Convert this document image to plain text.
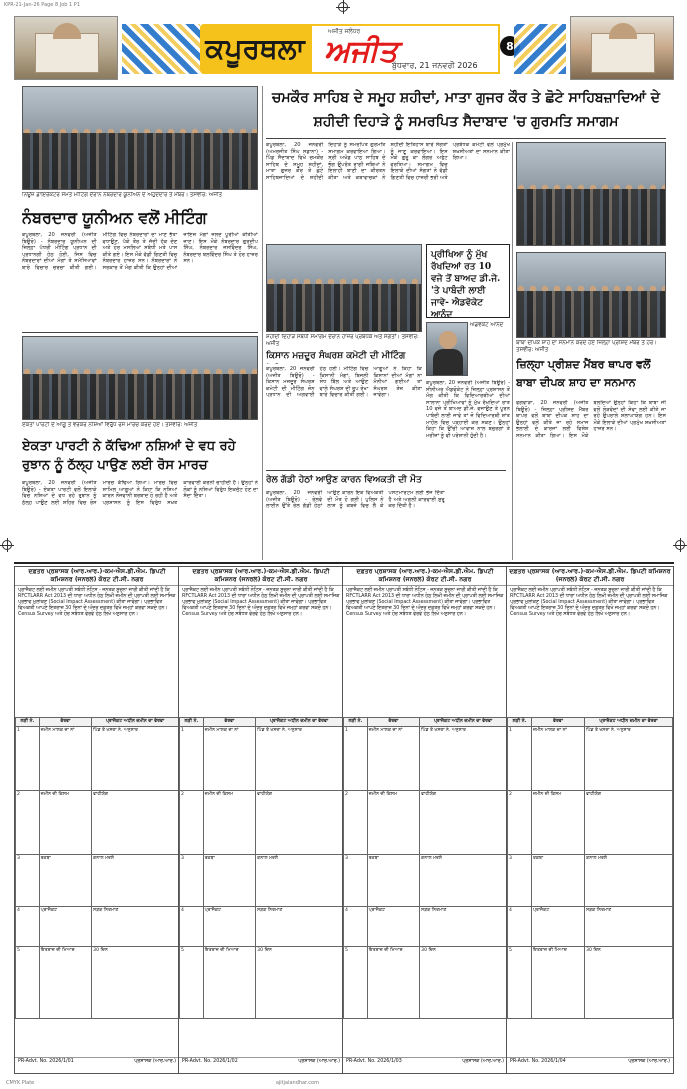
KPR-21-Jan-26 Page 8 Job 1 P1
ਕਪੂਰਥਲਾ
ਅਜੀਤ ਜਲੰਧਰ
ਅਜੀਤ
ਬੁੱਧਵਾਰ, 21 ਜਨਵਰੀ 2026
8
ਨਿਊਜ਼ ਡਾਇਰੈਕਟਰ ਸਮੇਤ ਮੀਟਿੰਗ ਦੌਰਾਨ ਨੰਬਰਦਾਰ ਯੂਨੀਅਨ ਦੇ ਅਹੁਦੇਦਾਰ ਤੇ ਮੈਂਬਰ। ਤਸਵੀਰ: ਅਜੀਤ
ਨੰਬਰਦਾਰ ਯੂਨੀਅਨ ਵਲੋਂ ਮੀਟਿੰਗ
ਕਪੂਰਥਲਾ, 20 ਜਨਵਰੀ (ਅਜੀਤ ਬਿਊਰੋ) - ਨੰਬਰਦਾਰ ਯੂਨੀਅਨ ਦੀ ਜ਼ਿਲ੍ਹਾ ਪੱਧਰੀ ਮੀਟਿੰਗ ਪ੍ਰਧਾਨ ਦੀ ਪ੍ਰਧਾਨਗੀ ਹੇਠ ਹੋਈ, ਜਿਸ ਵਿਚ ਨੰਬਰਦਾਰਾਂ ਦੀਆਂ ਮੰਗਾਂ ਤੇ ਸਮੱਸਿਆਵਾਂ ਬਾਰੇ ਵਿਚਾਰ ਚਰਚਾ ਕੀਤੀ ਗਈ। ਮੀਟਿੰਗ ਵਿਚ ਨੰਬਰਦਾਰਾਂ ਦਾ ਮਾਣ ਭੱਤਾ ਵਧਾਉਣ, ਪੱਕੇ ਤੌਰ ਤੇ ਜੱਦੀ ਹੱਕ ਦੇਣ ਅਤੇ ਹੋਰ ਮਸਲਿਆਂ ਸਬੰਧੀ ਮਤੇ ਪਾਸ ਕੀਤੇ ਗਏ। ਇਸ ਮੌਕੇ ਵੱਡੀ ਗਿਣਤੀ ਵਿਚ ਨੰਬਰਦਾਰ ਹਾਜ਼ਰ ਸਨ। ਨੰਬਰਦਾਰਾਂ ਨੇ ਸਰਕਾਰ ਤੋਂ ਮੰਗ ਕੀਤੀ ਕਿ ਉਨ੍ਹਾਂ ਦੀਆਂ ਜਾਇਜ਼ ਮੰਗਾਂ ਜਲਦ ਪੂਰੀਆਂ ਕੀਤੀਆਂ ਜਾਣ। ਇਸ ਮੌਕੇ ਨੰਬਰਦਾਰ ਗੁਰਦੀਪ ਸਿੰਘ, ਨੰਬਰਦਾਰ ਜਸਵਿੰਦਰ ਸਿੰਘ, ਨੰਬਰਦਾਰ ਬਲਵਿੰਦਰ ਸਿੰਘ ਤੇ ਹੋਰ ਹਾਜ਼ਰ ਸਨ।
ਏਕਤਾ ਪਾਰਟੀ ਦੇ ਆਗੂ ਤੇ ਵਰਕਰ ਨਸ਼ਿਆਂ ਵਿਰੁੱਧ ਰੋਸ ਮਾਰਚ ਕਰਦੇ ਹੋਏ। ਤਸਵੀਰ: ਅਜੀਤ
ਏਕਤਾ ਪਾਰਟੀ ਨੇ ਕੱਢਿਆ ਨਸ਼ਿਆਂ ਦੇ ਵਧ ਰਹੇ ਰੁਝਾਨ ਨੂੰ ਠੱਲ੍ਹ ਪਾਉਣ ਲਈ ਰੋਸ ਮਾਰਚ
ਕਪੂਰਥਲਾ, 20 ਜਨਵਰੀ (ਅਜੀਤ ਬਿਊਰੋ) - ਏਕਤਾ ਪਾਰਟੀ ਵਲੋਂ ਇਲਾਕੇ ਵਿਚ ਨਸ਼ਿਆਂ ਦੇ ਵਧ ਰਹੇ ਰੁਝਾਨ ਨੂੰ ਠੱਲ੍ਹ ਪਾਉਣ ਲਈ ਸ਼ਹਿਰ ਵਿਚ ਰੋਸ ਮਾਰਚ ਕੱਢਿਆ ਗਿਆ। ਮਾਰਚ ਵਿਚ ਸ਼ਾਮਿਲ ਆਗੂਆਂ ਨੇ ਕਿਹਾ ਕਿ ਨਸ਼ਿਆਂ ਕਾਰਨ ਨੌਜਵਾਨੀ ਬਰਬਾਦ ਹੋ ਰਹੀ ਹੈ ਅਤੇ ਪ੍ਰਸ਼ਾਸਨ ਨੂੰ ਇਸ ਵਿਰੁੱਧ ਸਖ਼ਤ ਕਾਰਵਾਈ ਕਰਨੀ ਚਾਹੀਦੀ ਹੈ। ਉਨ੍ਹਾਂ ਨੇ ਲੋਕਾਂ ਨੂੰ ਨਸ਼ਿਆਂ ਵਿਰੁੱਧ ਇਕਜੁੱਟ ਹੋਣ ਦਾ ਸੱਦਾ ਦਿੱਤਾ।
ਚਮਕੌਰ ਸਾਹਿਬ ਦੇ ਸਮੂਹ ਸ਼ਹੀਦਾਂ, ਮਾਤਾ ਗੁਜਰ ਕੌਰ ਤੇ ਛੋਟੇ ਸਾਹਿਬਜ਼ਾਦਿਆਂ ਦੇ ਸ਼ਹੀਦੀ ਦਿਹਾੜੇ ਨੂੰ ਸਮਰਪਿਤ ਸੈਦਾਬਾਦ 'ਚ ਗੁਰਮਤਿ ਸਮਾਗਮ
ਕਪੂਰਥਲਾ, 20 ਜਨਵਰੀ (ਅਮਰਜੀਤ ਸਿੰਘ ਸਡਾਨਾ) - ਪਿੰਡ ਸੈਦਾਬਾਦ ਵਿਖੇ ਚਮਕੌਰ ਸਾਹਿਬ ਦੇ ਸਮੂਹ ਸ਼ਹੀਦਾਂ, ਮਾਤਾ ਗੁਜਰ ਕੌਰ ਤੇ ਛੋਟੇ ਸਾਹਿਬਜ਼ਾਦਿਆਂ ਦੇ ਸ਼ਹੀਦੀ ਦਿਹਾੜੇ ਨੂੰ ਸਮਰਪਿਤ ਗੁਰਮਤਿ ਸਮਾਗਮ ਕਰਵਾਇਆ ਗਿਆ। ਸ੍ਰੀ ਅਖੰਡ ਪਾਠ ਸਾਹਿਬ ਦੇ ਭੋਗ ਉਪਰੰਤ ਰਾਗੀ ਜਥਿਆਂ ਨੇ ਇਲਾਹੀ ਬਾਣੀ ਦਾ ਕੀਰਤਨ ਕੀਤਾ ਅਤੇ ਕਥਾਵਾਚਕਾਂ ਨੇ ਸ਼ਹੀਦੀ ਇਤਿਹਾਸ ਬਾਰੇ ਸੰਗਤਾਂ ਨੂੰ ਜਾਣੂ ਕਰਵਾਇਆ। ਇਸ ਮੌਕੇ ਗੁਰੂ ਕਾ ਲੰਗਰ ਅਤੁੱਟ ਵਰਤਿਆ। ਸਮਾਗਮ ਵਿਚ ਇਲਾਕੇ ਦੀਆਂ ਸੰਗਤਾਂ ਨੇ ਵੱਡੀ ਗਿਣਤੀ ਵਿਚ ਹਾਜ਼ਰੀ ਭਰੀ ਅਤੇ ਪ੍ਰਬੰਧਕ ਕਮੇਟੀ ਵਲੋਂ ਪ੍ਰਮੁੱਖ ਸ਼ਖ਼ਸੀਅਤਾਂ ਦਾ ਸਨਮਾਨ ਕੀਤਾ ਗਿਆ।
ਪ੍ਰੀਖਿਆ ਨੂੰ ਮੁੱਖ ਰੱਖਦਿਆਂ ਰਤ 10 ਵਜੇ ਤੋਂ ਬਾਅਦ ਡੀ.ਜੇ. 'ਤੇ ਪਾਬੰਦੀ ਲਾਈ ਜਾਵੇ- ਐਡਵੋਕੇਟ ਆਨੰਦ
ਸ਼ਹੀਦੀ ਦਿਹਾੜੇ ਸਬੰਧੀ ਸਮਾਗਮ ਦੌਰਾਨ ਹਾਜ਼ਰ ਪ੍ਰਬੰਧਕ ਅਤੇ ਸੰਗਤਾਂ। ਤਸਵੀਰ: ਅਜੀਤ
ਕਿਸਾਨ ਮਜ਼ਦੂਰ ਸੰਘਰਸ਼ ਕਮੇਟੀ ਦੀ ਮੀਟਿੰਗ
ਕਪੂਰਥਲਾ, 20 ਜਨਵਰੀ (ਅਜੀਤ ਬਿਊਰੋ) - ਕਿਸਾਨ ਮਜ਼ਦੂਰ ਸੰਘਰਸ਼ ਕਮੇਟੀ ਦੀ ਮੀਟਿੰਗ ਜ਼ੋਨ ਪ੍ਰਧਾਨ ਦੀ ਅਗਵਾਈ ਹੇਠ ਹੋਈ। ਮੀਟਿੰਗ ਵਿਚ ਕਿਸਾਨੀ ਮੰਗਾਂ, ਬਿਜਲੀ ਸੋਧ ਬਿੱਲ ਅਤੇ ਆਉਣ ਵਾਲੇ ਸੰਘਰਸ਼ ਦੀ ਰੂਪ ਰੇਖਾ ਬਾਰੇ ਵਿਚਾਰ ਕੀਤੀ ਗਈ। ਆਗੂਆਂ ਨੇ ਕਿਹਾ ਕਿ ਕਿਸਾਨਾਂ ਦੀਆਂ ਮੰਗਾਂ ਨਾ ਮੰਨੀਆਂ ਗਈਆਂ ਤਾਂ ਸੰਘਰਸ਼ ਤੇਜ਼ ਕੀਤਾ ਜਾਵੇਗਾ।
ਰੇਲ ਗੱਡੀ ਹੇਠਾਂ ਆਉਣ ਕਾਰਨ ਵਿਅਕਤੀ ਦੀ ਮੌਤ
ਕਪੂਰਥਲਾ, 20 ਜਨਵਰੀ (ਅਜੀਤ ਬਿਊਰੋ) - ਰੇਲਵੇ ਲਾਈਨ ਉੱਤੇ ਰੇਲ ਗੱਡੀ ਹੇਠਾਂ ਆਉਣ ਕਾਰਨ ਇਕ ਵਿਅਕਤੀ ਦੀ ਮੌਤ ਹੋ ਗਈ। ਪੁਲਿਸ ਨੇ ਲਾਸ਼ ਨੂੰ ਕਬਜ਼ੇ ਵਿਚ ਲੈ ਕੇ ਪੋਸਟਮਾਰਟਮ ਲਈ ਭੇਜ ਦਿੱਤਾ ਹੈ ਅਤੇ ਅਗਲੀ ਕਾਰਵਾਈ ਸ਼ੁਰੂ ਕਰ ਦਿੱਤੀ ਹੈ।
ਐਡਵੋਕੇਟ ਆਨੰਦ
ਕਪੂਰਥਲਾ, 20 ਜਨਵਰੀ (ਅਜੀਤ ਬਿਊਰੋ) - ਸੀਨੀਅਰ ਐਡਵੋਕੇਟ ਨੇ ਜ਼ਿਲ੍ਹਾ ਪ੍ਰਸ਼ਾਸਨ ਤੋਂ ਮੰਗ ਕੀਤੀ ਕਿ ਵਿਦਿਆਰਥੀਆਂ ਦੀਆਂ ਸਾਲਾਨਾ ਪ੍ਰੀਖਿਆਵਾਂ ਨੂੰ ਮੁੱਖ ਰੱਖਦਿਆਂ ਰਾਤ 10 ਵਜੇ ਤੋਂ ਬਾਅਦ ਡੀ.ਜੇ. ਵਜਾਉਣ ਤੇ ਪੂਰਨ ਪਾਬੰਦੀ ਲਾਈ ਜਾਵੇ ਤਾਂ ਜੋ ਵਿਦਿਆਰਥੀ ਸ਼ਾਂਤ ਮਾਹੌਲ ਵਿਚ ਪੜ੍ਹਾਈ ਕਰ ਸਕਣ। ਉਨ੍ਹਾਂ ਕਿਹਾ ਕਿ ਉੱਚੀ ਆਵਾਜ਼ ਨਾਲ ਬਜ਼ੁਰਗਾਂ ਤੇ ਮਰੀਜ਼ਾਂ ਨੂੰ ਵੀ ਪਰੇਸ਼ਾਨੀ ਹੁੰਦੀ ਹੈ।
ਬਾਬਾ ਦੀਪਕ ਸ਼ਾਹ ਦਾ ਸਨਮਾਨ ਕਰਦੇ ਹੋਏ ਜ਼ਿਲ੍ਹਾ ਪ੍ਰੀਸ਼ਦ ਮੈਂਬਰ ਤੇ ਹੋਰ। ਤਸਵੀਰ: ਅਜੀਤ
ਜ਼ਿਲ੍ਹਾ ਪ੍ਰੀਸ਼ਦ ਮੈਂਬਰ ਥਾਪਰ ਵਲੋਂ ਬਾਬਾ ਦੀਪਕ ਸ਼ਾਹ ਦਾ ਸਨਮਾਨ
ਫਗਵਾੜਾ, 20 ਜਨਵਰੀ (ਅਜੀਤ ਬਿਊਰੋ) - ਜ਼ਿਲ੍ਹਾ ਪ੍ਰੀਸ਼ਦ ਮੈਂਬਰ ਥਾਪਰ ਵਲੋਂ ਬਾਬਾ ਦੀਪਕ ਸ਼ਾਹ ਦਾ ਉਨ੍ਹਾਂ ਵਲੋਂ ਕੀਤੇ ਜਾ ਰਹੇ ਸਮਾਜ ਭਲਾਈ ਦੇ ਕਾਰਜਾਂ ਲਈ ਵਿਸ਼ੇਸ਼ ਸਨਮਾਨ ਕੀਤਾ ਗਿਆ। ਇਸ ਮੌਕੇ ਬੋਲਦਿਆਂ ਉਨ੍ਹਾਂ ਕਿਹਾ ਕਿ ਬਾਬਾ ਜੀ ਵਲੋਂ ਲੋੜਵੰਦਾਂ ਦੀ ਸੇਵਾ ਲਈ ਕੀਤੇ ਜਾ ਰਹੇ ਉਪਰਾਲੇ ਸ਼ਲਾਘਾਯੋਗ ਹਨ। ਇਸ ਮੌਕੇ ਇਲਾਕੇ ਦੀਆਂ ਪ੍ਰਮੁੱਖ ਸ਼ਖ਼ਸੀਅਤਾਂ ਹਾਜ਼ਰ ਸਨ।
ਦਫ਼ਤਰ ਪ੍ਰਸ਼ਾਸਕ (ਆਰ.ਆਰ.)-ਕਮ-ਐਸ.ਡੀ.ਐਮ. ਡਿਪਟੀ ਕਮਿਸ਼ਨਰ (ਜਨਰਲ) ਕੋਰਟ ਟੀ.ਸੀ. ਨਗਰ
ਪ੍ਰਾਜੈਕਟ ਲਈ ਜ਼ਮੀਨ ਪ੍ਰਾਪਤੀ ਸਬੰਧੀ ਨੋਟਿਸ - ਜਨਤਕ ਸੂਚਨਾ ਜਾਰੀ ਕੀਤੀ ਜਾਂਦੀ ਹੈ ਕਿ RFCTLARR Act 2013 ਦੀ ਧਾਰਾ ਅਧੀਨ ਹੇਠ ਲਿਖੀ ਜ਼ਮੀਨ ਦੀ ਪ੍ਰਾਪਤੀ ਲਈ ਸਮਾਜਿਕ ਪ੍ਰਭਾਵ ਮੁਲਾਂਕਣ (Social Impact Assessment) ਕੀਤਾ ਜਾਵੇਗਾ। ਪ੍ਰਭਾਵਿਤ ਵਿਅਕਤੀ ਆਪਣੇ ਇਤਰਾਜ਼ 30 ਦਿਨਾਂ ਦੇ ਅੰਦਰ ਦਫ਼ਤਰ ਵਿਖੇ ਜਮ੍ਹਾਂ ਕਰਵਾ ਸਕਦੇ ਹਨ। Census Survey ਅਤੇ ਹੋਰ ਸਬੰਧਤ ਵੇਰਵੇ ਹੇਠ ਲਿਖੇ ਅਨੁਸਾਰ ਹਨ।
ਲੜੀ ਨੰ.	ਵੇਰਵਾ	ਪ੍ਰਾਜੈਕਟ ਅਧੀਨ ਜ਼ਮੀਨ ਦਾ ਵੇਰਵਾ
1	ਜ਼ਮੀਨ ਮਾਲਕ ਦਾ ਨਾਂ	ਪਿੰਡ ਤੇ ਖਸਰਾ ਨੰ. ਅਨੁਸਾਰ
2	ਜ਼ਮੀਨ ਦੀ ਕਿਸਮ	ਵਾਹੀਯੋਗ
3	ਰਕਬਾ	ਕਨਾਲ ਮਰਲੇ
4	ਪ੍ਰਾਜੈਕਟ	ਸੜਕ ਨਿਰਮਾਣ
5	ਇਤਰਾਜ਼ ਦੀ ਮਿਆਦ	30 ਦਿਨ
PR-Advt. No. 2026/1/01	ਪ੍ਰਸ਼ਾਸਕ (ਆਰ.ਆਰ.)
ਦਫ਼ਤਰ ਪ੍ਰਸ਼ਾਸਕ (ਆਰ.ਆਰ.)-ਕਮ-ਐਸ.ਡੀ.ਐਮ. ਡਿਪਟੀ ਕਮਿਸ਼ਨਰ (ਜਨਰਲ) ਕੋਰਟ ਟੀ.ਸੀ. ਨਗਰ
ਪ੍ਰਾਜੈਕਟ ਲਈ ਜ਼ਮੀਨ ਪ੍ਰਾਪਤੀ ਸਬੰਧੀ ਨੋਟਿਸ - ਜਨਤਕ ਸੂਚਨਾ ਜਾਰੀ ਕੀਤੀ ਜਾਂਦੀ ਹੈ ਕਿ RFCTLARR Act 2013 ਦੀ ਧਾਰਾ ਅਧੀਨ ਹੇਠ ਲਿਖੀ ਜ਼ਮੀਨ ਦੀ ਪ੍ਰਾਪਤੀ ਲਈ ਸਮਾਜਿਕ ਪ੍ਰਭਾਵ ਮੁਲਾਂਕਣ (Social Impact Assessment) ਕੀਤਾ ਜਾਵੇਗਾ। ਪ੍ਰਭਾਵਿਤ ਵਿਅਕਤੀ ਆਪਣੇ ਇਤਰਾਜ਼ 30 ਦਿਨਾਂ ਦੇ ਅੰਦਰ ਦਫ਼ਤਰ ਵਿਖੇ ਜਮ੍ਹਾਂ ਕਰਵਾ ਸਕਦੇ ਹਨ। Census Survey ਅਤੇ ਹੋਰ ਸਬੰਧਤ ਵੇਰਵੇ ਹੇਠ ਲਿਖੇ ਅਨੁਸਾਰ ਹਨ।
ਲੜੀ ਨੰ.	ਵੇਰਵਾ	ਪ੍ਰਾਜੈਕਟ ਅਧੀਨ ਜ਼ਮੀਨ ਦਾ ਵੇਰਵਾ
1	ਜ਼ਮੀਨ ਮਾਲਕ ਦਾ ਨਾਂ	ਪਿੰਡ ਤੇ ਖਸਰਾ ਨੰ. ਅਨੁਸਾਰ
2	ਜ਼ਮੀਨ ਦੀ ਕਿਸਮ	ਵਾਹੀਯੋਗ
3	ਰਕਬਾ	ਕਨਾਲ ਮਰਲੇ
4	ਪ੍ਰਾਜੈਕਟ	ਸੜਕ ਨਿਰਮਾਣ
5	ਇਤਰਾਜ਼ ਦੀ ਮਿਆਦ	30 ਦਿਨ
PR-Advt. No. 2026/1/02	ਪ੍ਰਸ਼ਾਸਕ (ਆਰ.ਆਰ.)
ਦਫ਼ਤਰ ਪ੍ਰਸ਼ਾਸਕ (ਆਰ.ਆਰ.)-ਕਮ-ਐਸ.ਡੀ.ਐਮ. ਡਿਪਟੀ ਕਮਿਸ਼ਨਰ (ਜਨਰਲ) ਕੋਰਟ ਟੀ.ਸੀ. ਨਗਰ
ਪ੍ਰਾਜੈਕਟ ਲਈ ਜ਼ਮੀਨ ਪ੍ਰਾਪਤੀ ਸਬੰਧੀ ਨੋਟਿਸ - ਜਨਤਕ ਸੂਚਨਾ ਜਾਰੀ ਕੀਤੀ ਜਾਂਦੀ ਹੈ ਕਿ RFCTLARR Act 2013 ਦੀ ਧਾਰਾ ਅਧੀਨ ਹੇਠ ਲਿਖੀ ਜ਼ਮੀਨ ਦੀ ਪ੍ਰਾਪਤੀ ਲਈ ਸਮਾਜਿਕ ਪ੍ਰਭਾਵ ਮੁਲਾਂਕਣ (Social Impact Assessment) ਕੀਤਾ ਜਾਵੇਗਾ। ਪ੍ਰਭਾਵਿਤ ਵਿਅਕਤੀ ਆਪਣੇ ਇਤਰਾਜ਼ 30 ਦਿਨਾਂ ਦੇ ਅੰਦਰ ਦਫ਼ਤਰ ਵਿਖੇ ਜਮ੍ਹਾਂ ਕਰਵਾ ਸਕਦੇ ਹਨ। Census Survey ਅਤੇ ਹੋਰ ਸਬੰਧਤ ਵੇਰਵੇ ਹੇਠ ਲਿਖੇ ਅਨੁਸਾਰ ਹਨ।
ਲੜੀ ਨੰ.	ਵੇਰਵਾ	ਪ੍ਰਾਜੈਕਟ ਅਧੀਨ ਜ਼ਮੀਨ ਦਾ ਵੇਰਵਾ
1	ਜ਼ਮੀਨ ਮਾਲਕ ਦਾ ਨਾਂ	ਪਿੰਡ ਤੇ ਖਸਰਾ ਨੰ. ਅਨੁਸਾਰ
2	ਜ਼ਮੀਨ ਦੀ ਕਿਸਮ	ਵਾਹੀਯੋਗ
3	ਰਕਬਾ	ਕਨਾਲ ਮਰਲੇ
4	ਪ੍ਰਾਜੈਕਟ	ਸੜਕ ਨਿਰਮਾਣ
5	ਇਤਰਾਜ਼ ਦੀ ਮਿਆਦ	30 ਦਿਨ
PR-Advt. No. 2026/1/03	ਪ੍ਰਸ਼ਾਸਕ (ਆਰ.ਆਰ.)
ਦਫ਼ਤਰ ਪ੍ਰਸ਼ਾਸਕ (ਆਰ.ਆਰ.)-ਕਮ-ਐਸ.ਡੀ.ਐਮ. ਡਿਪਟੀ ਕਮਿਸ਼ਨਰ (ਜਨਰਲ) ਕੋਰਟ ਟੀ.ਸੀ. ਨਗਰ
ਪ੍ਰਾਜੈਕਟ ਲਈ ਜ਼ਮੀਨ ਪ੍ਰਾਪਤੀ ਸਬੰਧੀ ਨੋਟਿਸ - ਜਨਤਕ ਸੂਚਨਾ ਜਾਰੀ ਕੀਤੀ ਜਾਂਦੀ ਹੈ ਕਿ RFCTLARR Act 2013 ਦੀ ਧਾਰਾ ਅਧੀਨ ਹੇਠ ਲਿਖੀ ਜ਼ਮੀਨ ਦੀ ਪ੍ਰਾਪਤੀ ਲਈ ਸਮਾਜਿਕ ਪ੍ਰਭਾਵ ਮੁਲਾਂਕਣ (Social Impact Assessment) ਕੀਤਾ ਜਾਵੇਗਾ। ਪ੍ਰਭਾਵਿਤ ਵਿਅਕਤੀ ਆਪਣੇ ਇਤਰਾਜ਼ 30 ਦਿਨਾਂ ਦੇ ਅੰਦਰ ਦਫ਼ਤਰ ਵਿਖੇ ਜਮ੍ਹਾਂ ਕਰਵਾ ਸਕਦੇ ਹਨ। Census Survey ਅਤੇ ਹੋਰ ਸਬੰਧਤ ਵੇਰਵੇ ਹੇਠ ਲਿਖੇ ਅਨੁਸਾਰ ਹਨ।
ਲੜੀ ਨੰ.	ਵੇਰਵਾ	ਪ੍ਰਾਜੈਕਟ ਅਧੀਨ ਜ਼ਮੀਨ ਦਾ ਵੇਰਵਾ
1	ਜ਼ਮੀਨ ਮਾਲਕ ਦਾ ਨਾਂ	ਪਿੰਡ ਤੇ ਖਸਰਾ ਨੰ. ਅਨੁਸਾਰ
2	ਜ਼ਮੀਨ ਦੀ ਕਿਸਮ	ਵਾਹੀਯੋਗ
3	ਰਕਬਾ	ਕਨਾਲ ਮਰਲੇ
4	ਪ੍ਰਾਜੈਕਟ	ਸੜਕ ਨਿਰਮਾਣ
5	ਇਤਰਾਜ਼ ਦੀ ਮਿਆਦ	30 ਦਿਨ
PR-Advt. No. 2026/1/04	ਪ੍ਰਸ਼ਾਸਕ (ਆਰ.ਆਰ.)
CMYK Plate	ajitjalandhar.com
